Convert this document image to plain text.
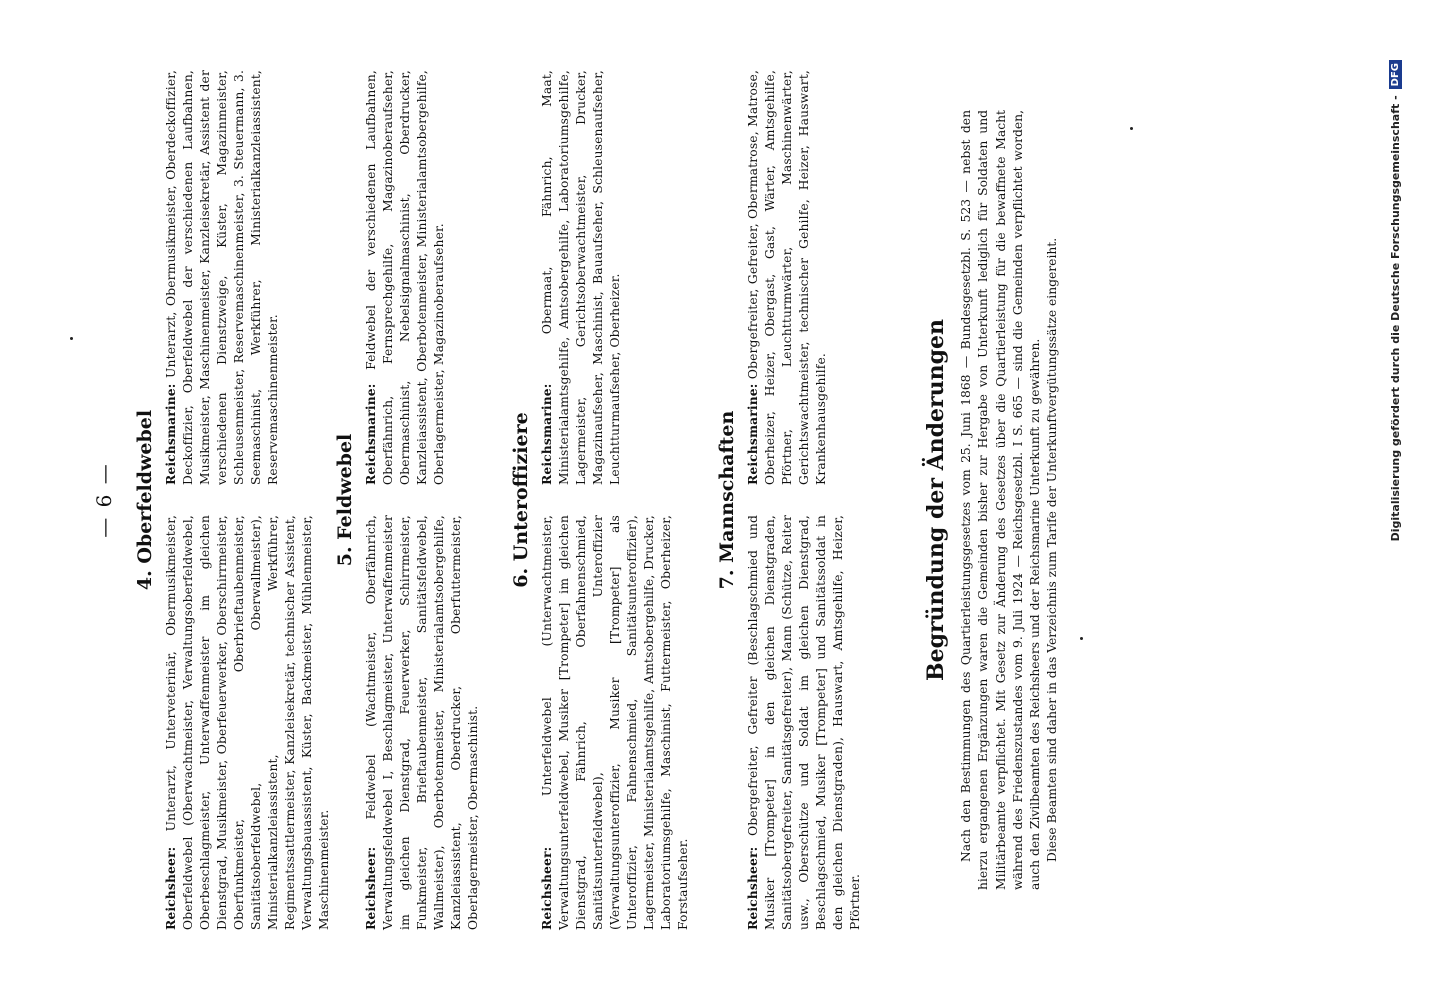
— 6 — 4. Oberfeldwebel
Reichsheer: Unterarzt, Unterveterinär, Obermusikmeister, Oberfeldwebel (Oberwachtmeister, Verwaltungsoberfeldwebel, Oberbeschlagmeister, Unterwaffenmeister im gleichen Dienstgrad, Musikmeister, Oberfeuerwerker, Oberschirrmeister, Oberfunkmeister, Oberbrieftaubenmeister, Sanitätsoberfeldwebel, Oberwallmeister), Ministerialkanzleiassistent, Werkführer, Regimentssattlermeister, Kanzleisekretär, technischer Assistent, Verwaltungsbauassistent, Küster, Backmeister, Mühlenmeister, Maschinenmeister.
Reichsmarine: Unterarzt, Obermusikmeister, Oberdeckoffizier, Deckoffizier, Oberfeldwebel der verschiedenen Laufbahnen, Musikmeister, Maschinenmeister, Kanzleisekretär, Assistent der verschiedenen Dienstzweige, Küster, Magazinmeister, Schleusenmeister, Reservemaschinenmeister, 3. Steuermann, 3. Seemaschinist, Werkführer, Ministerialkanzleiassistent, Reservemaschinenmeister.
5. Feldwebel
Reichsheer: Feldwebel (Wachtmeister, Oberfähnrich, Verwaltungsfeldwebel I, Beschlagmeister, Unterwaffenmeister im gleichen Dienstgrad, Feuerwerker, Schirrmeister, Funkmeister, Brieftaubenmeister, Sanitätsfeldwebel, Wallmeister), Oberbotenmeister, Ministerialamtsobergehilfe, Kanzleiassistent, Oberdrucker, Oberfuttermeister, Oberlagermeister, Obermaschinist.
Reichsmarine: Feldwebel der verschiedenen Laufbahnen, Oberfähnrich, Fernsprechgehilfe, Magazinoberaufseher, Obermaschinist, Nebelsignalmaschinist, Oberdrucker, Kanzleiassistent, Oberbotenmeister, Ministerialamtsobergehilfe, Oberlagermeister, Magazinoberaufseher.
6. Unteroffiziere
Reichsheer: Unterfeldwebel (Unterwachtmeister, Verwaltungsunterfeldwebel, Musiker [Trompeter] im gleichen Dienstgrad, Fähnrich, Oberfahnenschmied, Sanitätsunterfeldwebel), Unteroffizier (Verwaltungsunteroffizier, Musiker [Trompeter] als Unteroffizier, Fahnenschmied, Sanitätsunteroffizier), Lagermeister, Ministerialamtsgehilfe, Amtsobergehilfe, Drucker, Laboratoriumsgehilfe, Maschinist, Futtermeister, Oberheizer, Forstaufseher.
Reichsmarine: Obermaat, Fähnrich, Maat, Ministerialamtsgehilfe, Amtsobergehilfe, Laboratoriumsgehilfe, Lagermeister, Gerichtsoberwachtmeister, Drucker, Magazinaufseher, Maschinist, Bauaufseher, Schleusenaufseher, Leuchtturmaufseher, Oberheizer.
7. Mannschaften
Reichsheer: Obergefreiter, Gefreiter (Beschlagschmied und Musiker [Trompeter] in den gleichen Dienstgraden, Sanitätsobergefreiter, Sanitätsgefreiter), Mann (Schütze, Reiter usw., Oberschütze und Soldat im gleichen Dienstgrad, Beschlagschmied, Musiker [Trompeter] und Sanitätssoldat in den gleichen Dienstgraden), Hauswart, Amtsgehilfe, Heizer, Pförtner.
Reichsmarine: Obergefreiter, Gefreiter, Obermatrose, Matrose, Oberheizer, Heizer, Obergast, Gast, Wärter, Amtsgehilfe, Pförtner, Leuchtturmwärter, Maschinenwärter, Gerichtswachtmeister, technischer Gehilfe, Heizer, Hauswart, Krankenhausgehilfe.	Begründung der Änderungen Nach den Bestimmungen des Quartierleistungsgesetzes vom 25. Juni 1868 — Bundesgesetzbl. S. 523 — nebst den hierzu ergangenen Ergänzungen waren die Gemeinden bisher zur Hergabe von Unterkunft lediglich für Soldaten und Militärbeamte verpflichtet. Mit Gesetz zur Änderung des Gesetzes über die Quartierleistung für die bewaffnete Macht während des Friedenszustandes vom 9. Juli 1924 — Reichsgesetzbl. I S. 665 — sind die Gemeinden verpflichtet worden, auch den Zivilbeamten des Reichsheers und der Reichsmarine Unterkunft zu gewähren. Diese Beamten sind daher in das Verzeichnis zum Tarife der Unterkunftvergütungssätze eingereiht.	Digitalisierung gefördert durch die Deutsche Forschungsgemeinschaft -
DFG
